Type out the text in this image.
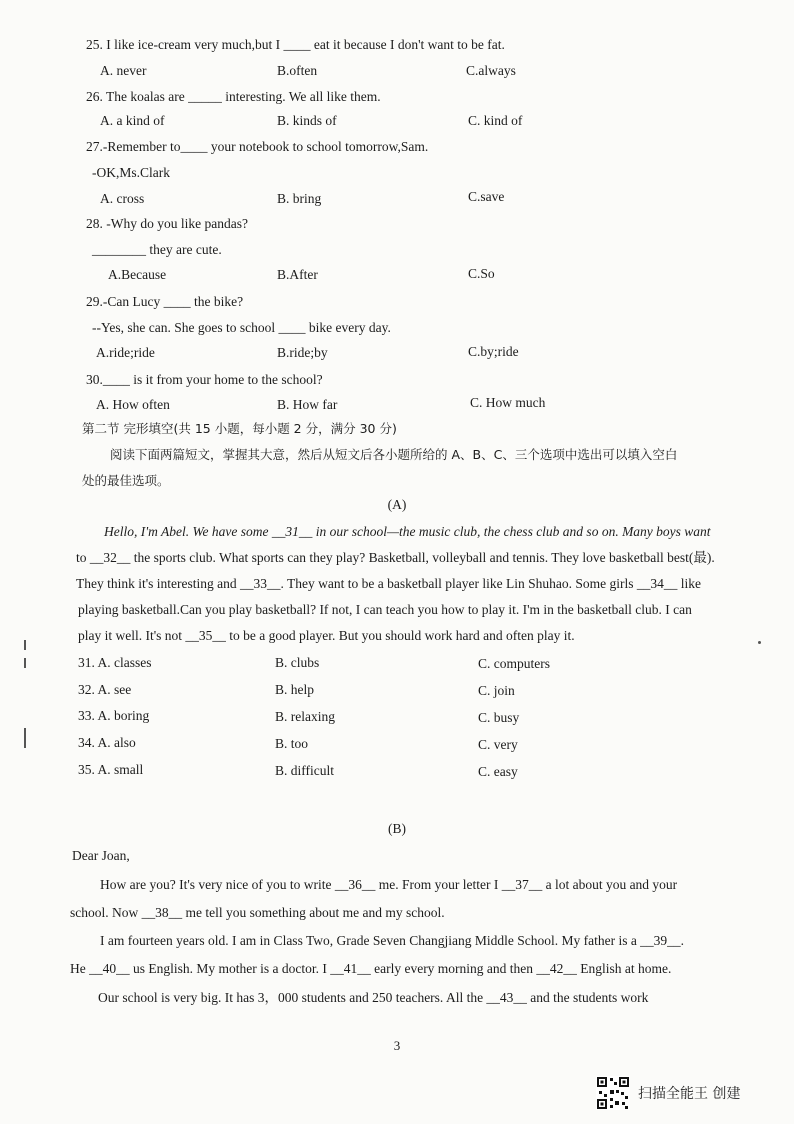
25. I like ice-cream very much,but I ____ eat it because I don't want to be fat.
A. never	B.often	C.always
26. The koalas are _____ interesting. We all like them.
A. a kind of	B. kinds of	C. kind of
27.-Remember to____ your notebook to school tomorrow,Sam.
-OK,Ms.Clark
A. cross	B. bring	C.save
28. -Why do you like pandas?
________ they are cute.
A.Because	B.After	C.So
29.-Can Lucy ____ the bike?
--Yes, she can. She goes to school ____ bike every day.
A.ride;ride	B.ride;by	C.by;ride
30.____ is it from your home to the school?
A. How often	B. How far	C. How much
第二节 完形填空(共 15 小题，每小题 2 分，满分 30 分)
阅读下面两篇短文，掌握其大意，然后从短文后各小题所给的 A、B、C、三个选项中选出可以填入空白
处的最佳选项。
(A)
Hello, I'm Abel. We have some __31__ in our school—the music club, the chess club and so on. Many boys want
to __32__ the sports club. What sports can they play? Basketball, volleyball and tennis. They love basketball best(最).
They think it's interesting and __33__. They want to be a basketball player like Lin Shuhao. Some girls __34__ like
playing basketball.Can you play basketball? If not, I can teach you how to play it. I'm in the basketball club. I can
play it well. It's not __35__ to be a good player. But you should work hard and often play it.
31. A. classes	B. clubs	C. computers
32. A. see	B. help	C. join
33. A. boring	B. relaxing	C. busy
34. A. also	B. too	C. very
35. A. small	B. difficult	C. easy
(B)
Dear Joan,
How are you? It's very nice of you to write __36__ me. From your letter I __37__ a lot about you and your
school. Now __38__ me tell you something about me and my school.
I am fourteen years old. I am in Class Two, Grade Seven Changjiang Middle School. My father is a __39__.
He __40__ us English. My mother is a doctor. I __41__ early every morning and then __42__ English at home.
Our school is very big. It has 3，000 students and 250 teachers. All the __43__ and the students work
3
扫描全能王 创建
